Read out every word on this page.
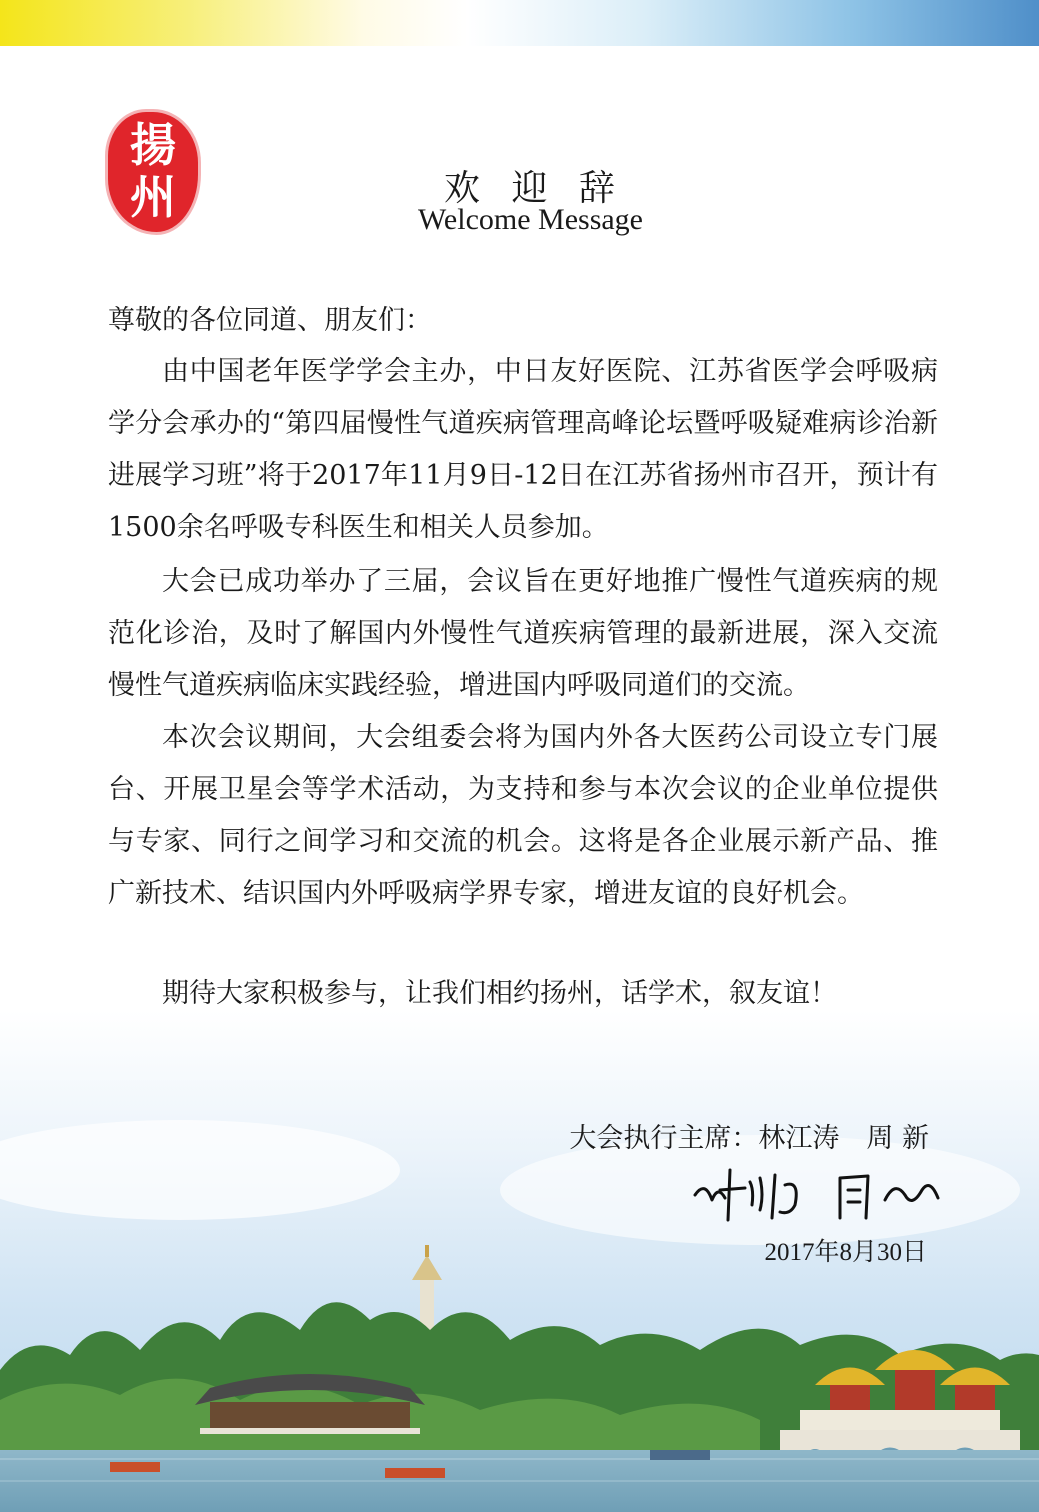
揚
州	欢 迎 辞
Welcome Message
尊敬的各位同道、朋友们：
由中国老年医学学会主办，中日友好医院、江苏省医学会呼吸病学分会承办的“第四届慢性气道疾病管理高峰论坛暨呼吸疑难病诊治新进展学习班”将于2017年11月9日-12日在江苏省扬州市召开，预计有1500余名呼吸专科医生和相关人员参加。
大会已成功举办了三届，会议旨在更好地推广慢性气道疾病的规范化诊治，及时了解国内外慢性气道疾病管理的最新进展，深入交流慢性气道疾病临床实践经验，增进国内呼吸同道们的交流。
本次会议期间，大会组委会将为国内外各大医药公司设立专门展台、开展卫星会等学术活动，为支持和参与本次会议的企业单位提供与专家、同行之间学习和交流的机会。这将是各企业展示新产品、推广新技术、结识国内外呼吸病学界专家，增进友谊的良好机会。
期待大家积极参与，让我们相约扬州，话学术，叙友谊！
大会执行主席：林江涛　周 新
2017年8月30日
